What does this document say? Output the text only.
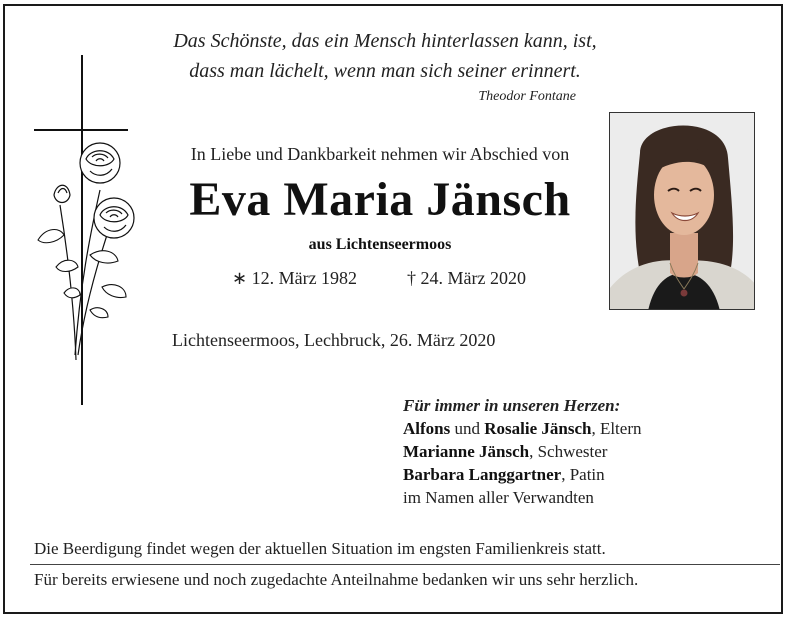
Das Schönste, das ein Mensch hinterlassen kann, ist,
dass man lächelt, wenn man sich seiner erinnert.
Theodor Fontane
In Liebe und Dankbarkeit nehmen wir Abschied von
Eva Maria Jänsch
aus Lichtenseermoos
∗ 12. März 1982	† 24. März 2020
Lichtenseermoos, Lechbruck, 26. März 2020
Für immer in unseren Herzen:
Alfons und Rosalie Jänsch, Eltern
Marianne Jänsch, Schwester
Barbara Langgartner, Patin
im Namen aller Verwandten
Die Beerdigung findet wegen der aktuellen Situation im engsten Familienkreis statt.
Für bereits erwiesene und noch zugedachte Anteilnahme bedanken wir uns sehr herzlich.
